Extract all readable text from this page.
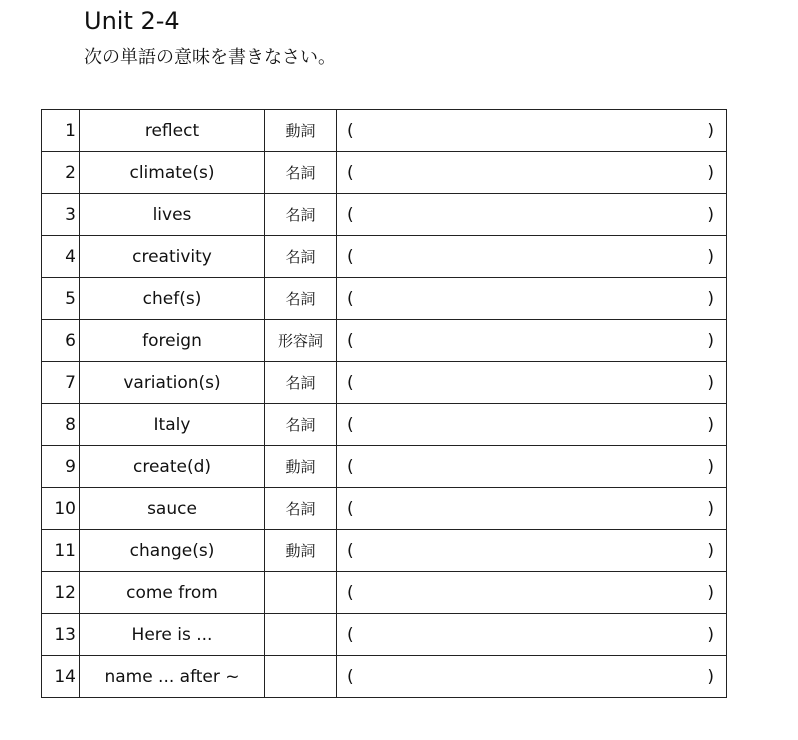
Unit 2-4

次の単語の意味を書きなさい。

1	reflect	動詞	( )

2	climate(s)	名詞	( )

3	lives	名詞	( )

4	creativity	名詞	( )

5	chef(s)	名詞	( )

6	foreign	形容詞	( )

7	variation(s)	名詞	( )

8	Italy	名詞	( )

9	create(d)	動詞	( )

10	sauce	名詞	( )

11	change(s)	動詞	( )

12	come from		( )

13	Here is ...		( )

14	name ... after ~		( )
